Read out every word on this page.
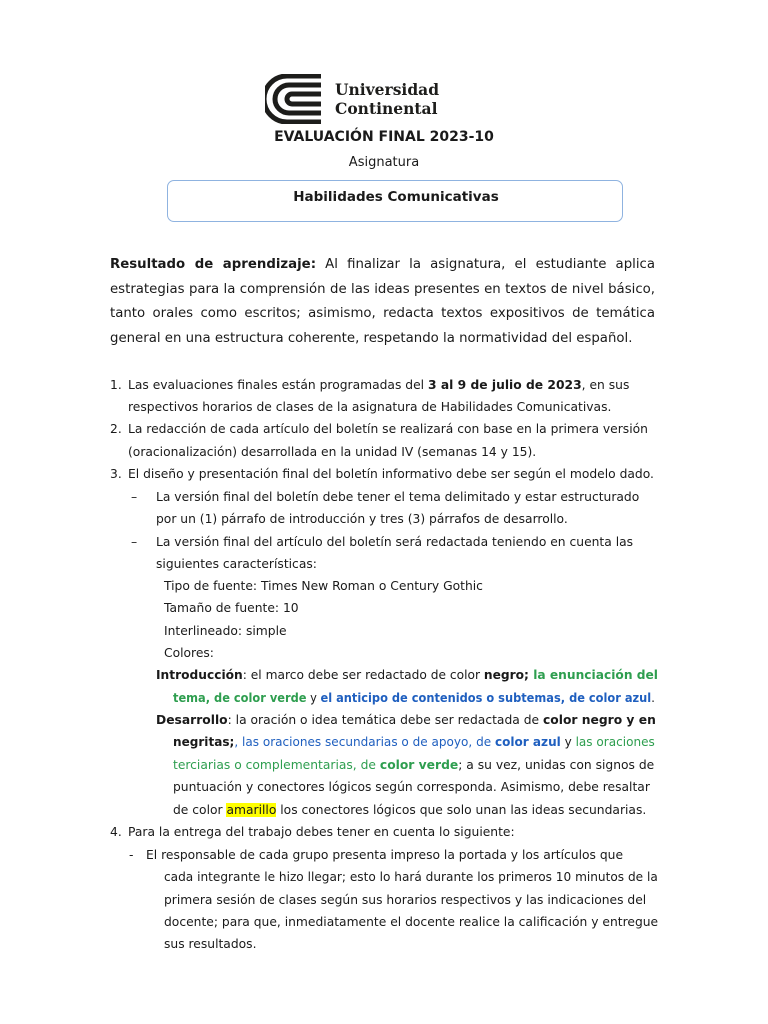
Universidad
Continental
EVALUACIÓN FINAL 2023-10
Asignatura
Habilidades Comunicativas
Resultado de aprendizaje: Al finalizar la asignatura, el estudiante aplica estrategias para la comprensión de las ideas presentes en textos de nivel básico, tanto orales como escritos; asimismo, redacta textos expositivos de temática general en una estructura coherente, respetando la normatividad del español.
1. Las evaluaciones finales están programadas del 3 al 9 de julio de 2023, en sus
respectivos horarios de clases de la asignatura de Habilidades Comunicativas.
2. La redacción de cada artículo del boletín se realizará con base en la primera versión
(oracionalización) desarrollada en la unidad IV (semanas 14 y 15).
3. El diseño y presentación final del boletín informativo debe ser según el modelo dado.
– La versión final del boletín debe tener el tema delimitado y estar estructurado
por un (1) párrafo de introducción y tres (3) párrafos de desarrollo.
– La versión final del artículo del boletín será redactada teniendo en cuenta las
siguientes características:
Tipo de fuente: Times New Roman o Century Gothic
Tamaño de fuente: 10
Interlineado: simple
Colores:
Introducción: el marco debe ser redactado de color negro; la enunciación del
tema, de color verde y el anticipo de contenidos o subtemas, de color azul.
Desarrollo: la oración o idea temática debe ser redactada de color negro y en
negritas;, las oraciones secundarias o de apoyo, de color azul y las oraciones
terciarias o complementarias, de color verde; a su vez, unidas con signos de
puntuación y conectores lógicos según corresponda. Asimismo, debe resaltar
de color amarillo los conectores lógicos que solo unan las ideas secundarias.
4. Para la entrega del trabajo debes tener en cuenta lo siguiente:
- El responsable de cada grupo presenta impreso la portada y los artículos que
cada integrante le hizo llegar; esto lo hará durante los primeros 10 minutos de la
primera sesión de clases según sus horarios respectivos y las indicaciones del
docente; para que, inmediatamente el docente realice la calificación y entregue
sus resultados.
